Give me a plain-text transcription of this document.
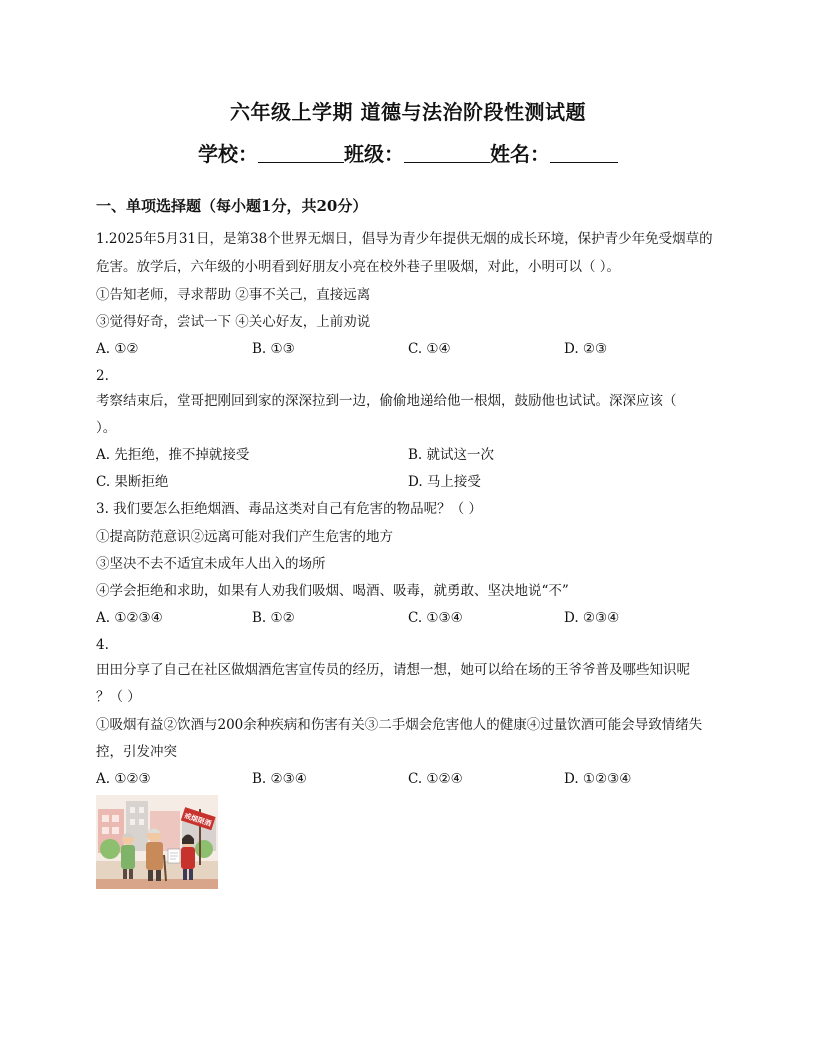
六年级上学期 道德与法治阶段性测试题
学校：	班级：	姓名：
一、单项选择题（每小题1分，共20分）
1.2025年5月31日，是第38个世界无烟日，倡导为青少年提供无烟的成长环境，保护青少年免受烟草的
危害。放学后，六年级的小明看到好朋友小亮在校外巷子里吸烟，对此，小明可以（ ）。
①告知老师，寻求帮助 ②事不关己，直接远离
③觉得好奇，尝试一下 ④关心好友，上前劝说
A. ①②	B. ①③	C. ①④	D. ②③
2.
考察结束后，堂哥把刚回到家的深深拉到一边，偷偷地递给他一根烟，鼓励他也试试。深深应该（
）。
A. 先拒绝，推不掉就接受	B. 就试这一次
C. 果断拒绝	D. 马上接受
3. 我们要怎么拒绝烟酒、毒品这类对自己有危害的物品呢？（ ）
①提高防范意识②远离可能对我们产生危害的地方
③坚决不去不适宜未成年人出入的场所
④学会拒绝和求助，如果有人劝我们吸烟、喝酒、吸毒，就勇敢、坚决地说“不”
A. ①②③④	B. ①②	C. ①③④	D. ②③④
4.
田田分享了自己在社区做烟酒危害宣传员的经历，请想一想，她可以给在场的王爷爷普及哪些知识呢
？（ ）
①吸烟有益②饮酒与200余种疾病和伤害有关③二手烟会危害他人的健康④过量饮酒可能会导致情绪失
控，引发冲突
A. ①②③	B. ②③④	C. ①②④	D. ①②③④
戒烟限酒
